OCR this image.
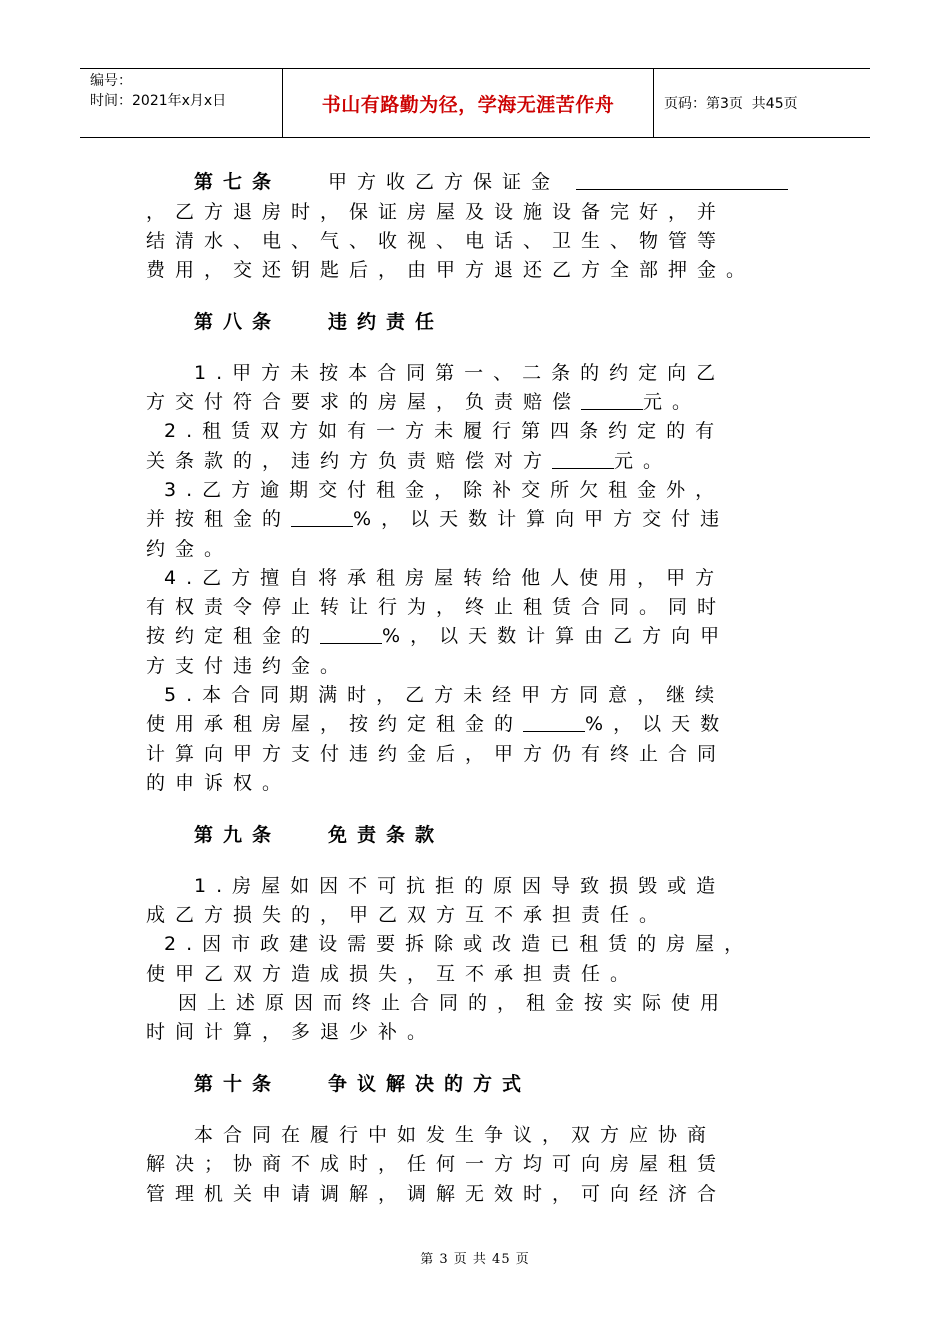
编号：
时间：2021年x月x日	书山有路勤为径，学海无涯苦作舟	页码：第3页  共45页
第七条 甲方收乙方保证金
，乙方退房时，保证房屋及设施设备完好，并
结清水、电、气、收视、电话、卫生、物管等
费用，交还钥匙后，由甲方退还乙方全部押金。
第八条 违约责任
1.甲方未按本合同第一、二条的约定向乙
方交付符合要求的房屋，负责赔偿	元。
2.租赁双方如有一方未履行第四条约定的有
关条款的，违约方负责赔偿对方	元。
3.乙方逾期交付租金，除补交所欠租金外，
并按租金的	%，以天数计算向甲方交付违
约金。
4.乙方擅自将承租房屋转给他人使用，甲方
有权责令停止转让行为，终止租赁合同。同时
按约定租金的	%，以天数计算由乙方向甲
方支付违约金。
5.本合同期满时，乙方未经甲方同意，继续
使用承租房屋，按约定租金的	%，以天数
计算向甲方支付违约金后，甲方仍有终止合同
的申诉权。
第九条 免责条款
1.房屋如因不可抗拒的原因导致损毁或造
成乙方损失的，甲乙双方互不承担责任。
2.因市政建设需要拆除或改造已租赁的房屋，
使甲乙双方造成损失，互不承担责任。
因上述原因而终止合同的，租金按实际使用
时间计算，多退少补。
第十条 争议解决的方式
本合同在履行中如发生争议，双方应协商
解决；协商不成时，任何一方均可向房屋租赁
管理机关申请调解，调解无效时，可向经济合
第 3 页 共 45 页
